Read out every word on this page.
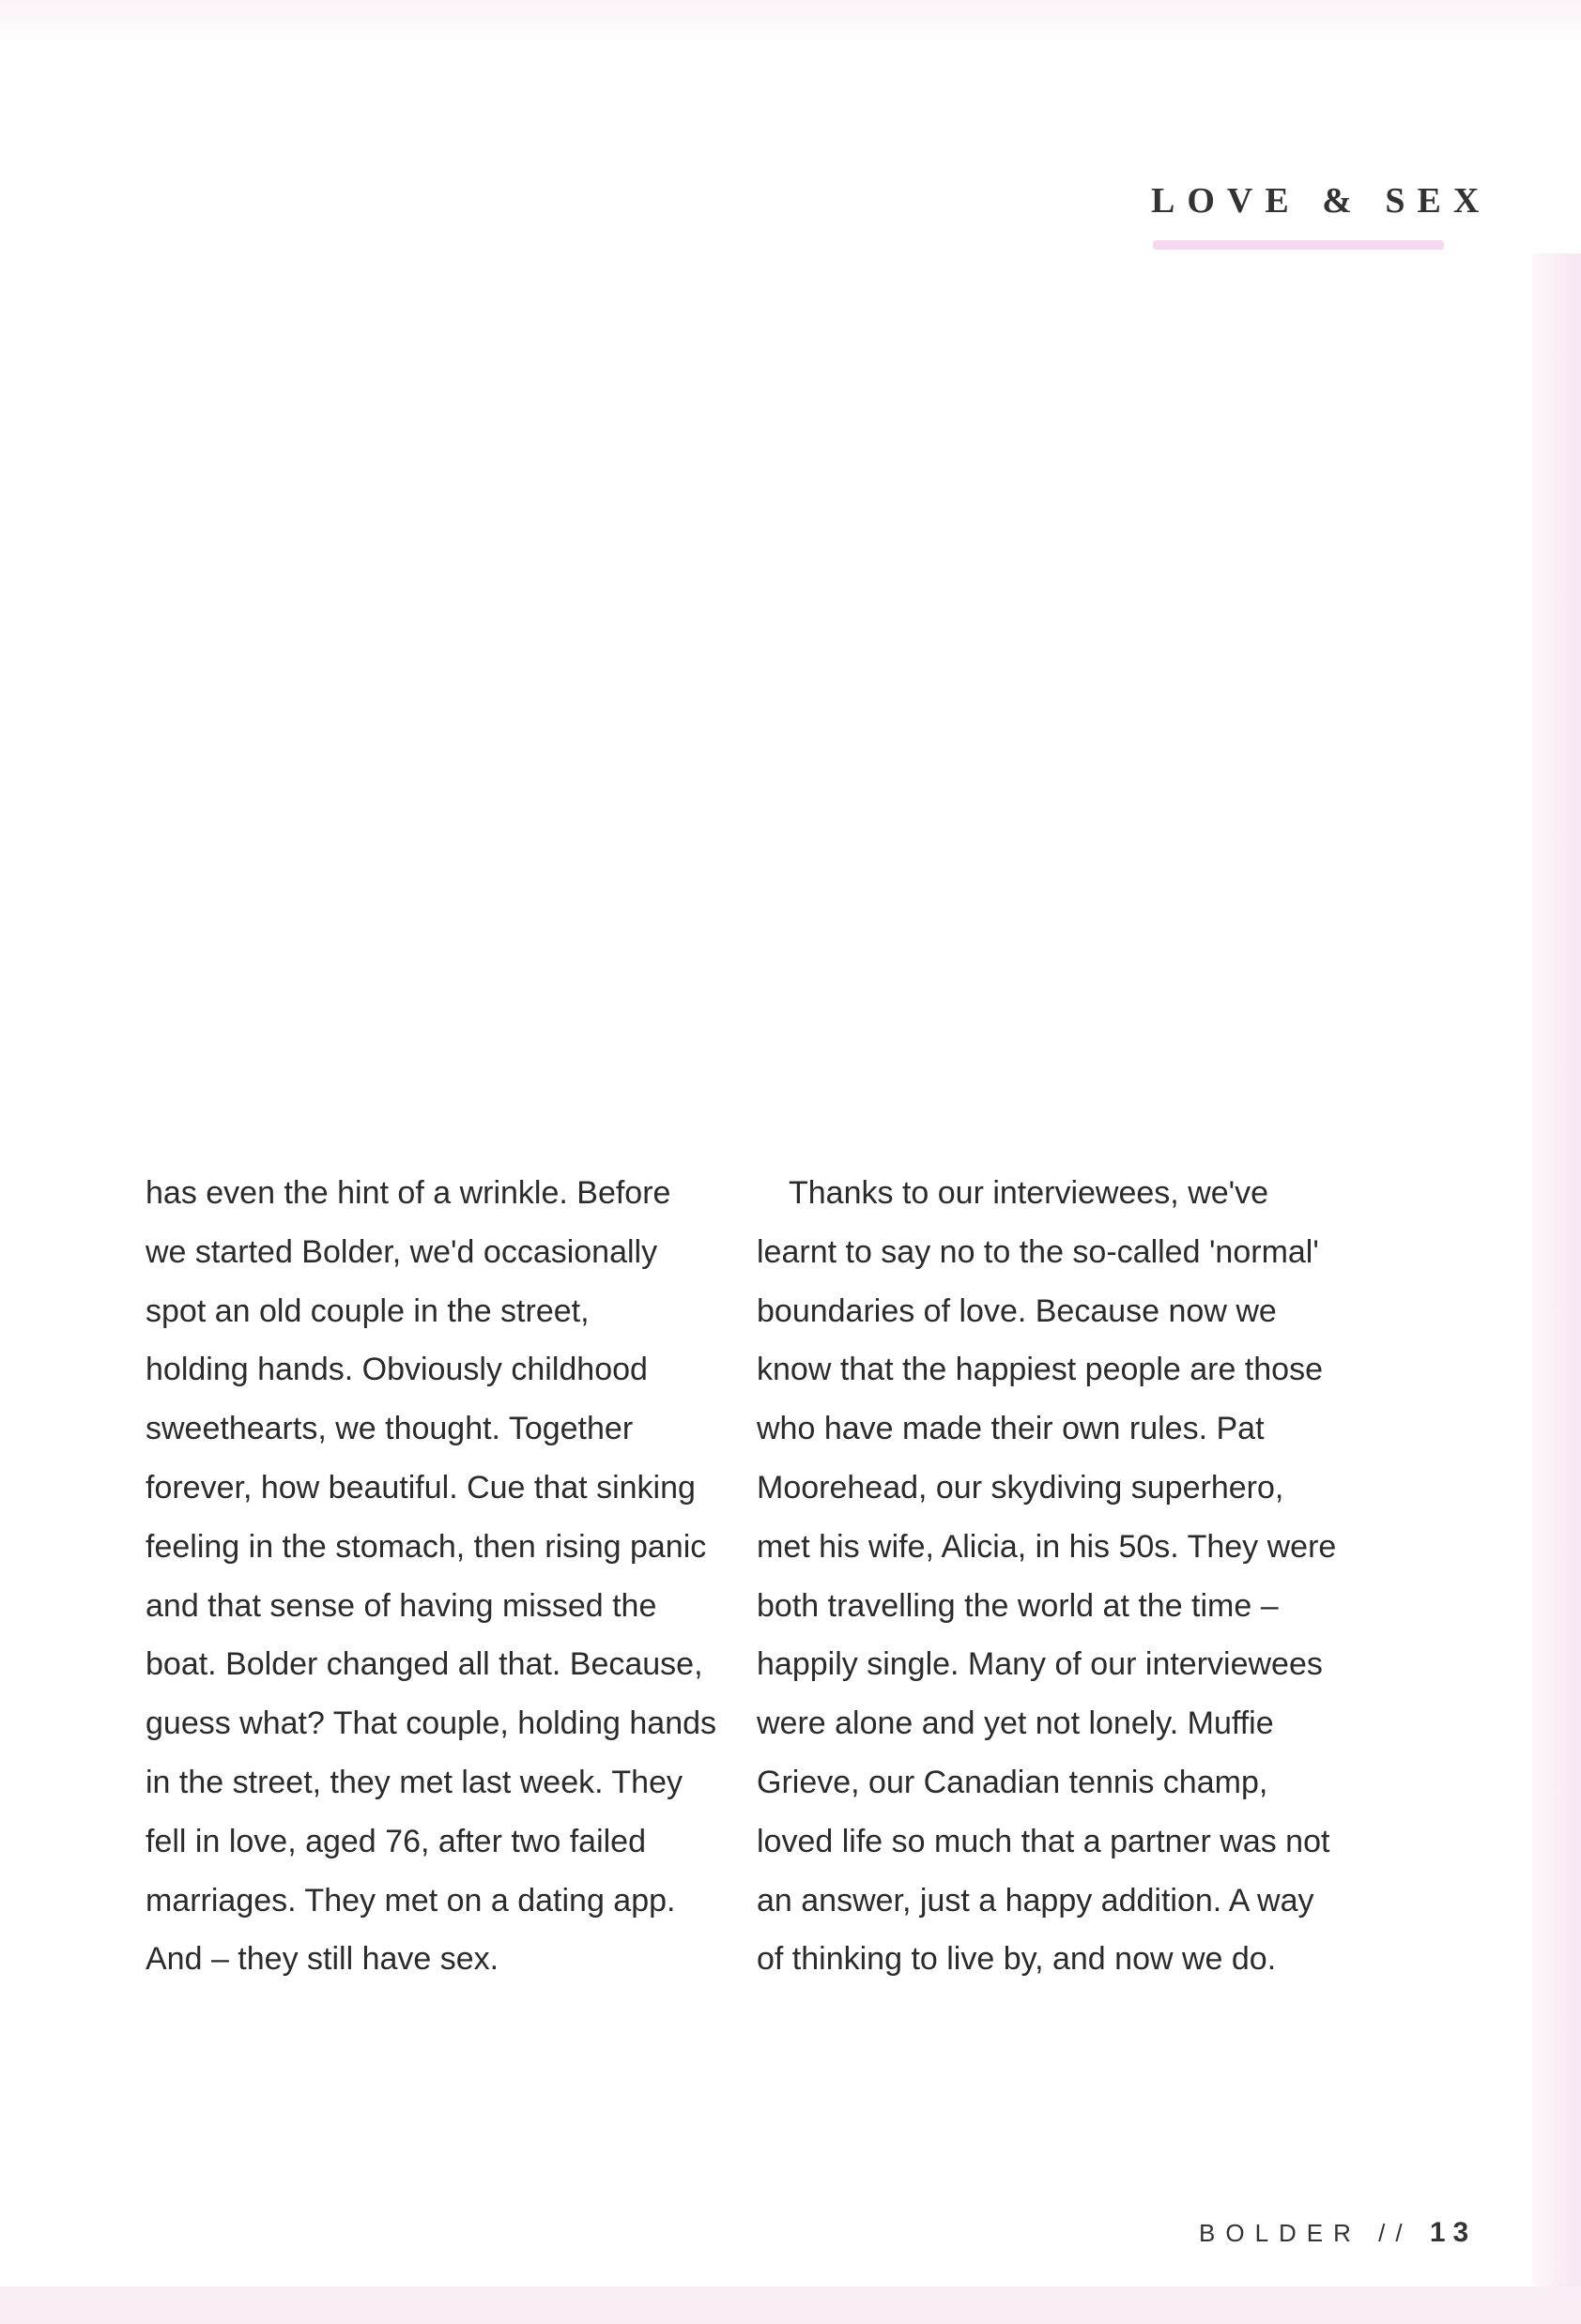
LOVE & SEX
has even the hint of a wrinkle. Before
we started Bolder, we'd occasionally
spot an old couple in the street,
holding hands. Obviously childhood
sweethearts, we thought. Together
forever, how beautiful. Cue that sinking
feeling in the stomach, then rising panic
and that sense of having missed the
boat. Bolder changed all that. Because,
guess what? That couple, holding hands
in the street, they met last week. They
fell in love, aged 76, after two failed
marriages. They met on a dating app.
And – they still have sex.
Thanks to our interviewees, we've
learnt to say no to the so-called 'normal'
boundaries of love. Because now we
know that the happiest people are those
who have made their own rules. Pat
Moorehead, our skydiving superhero,
met his wife, Alicia, in his 50s. They were
both travelling the world at the time –
happily single. Many of our interviewees
were alone and yet not lonely. Muffie
Grieve, our Canadian tennis champ,
loved life so much that a partner was not
an answer, just a happy addition. A way
of thinking to live by, and now we do.
BOLDER // 13
